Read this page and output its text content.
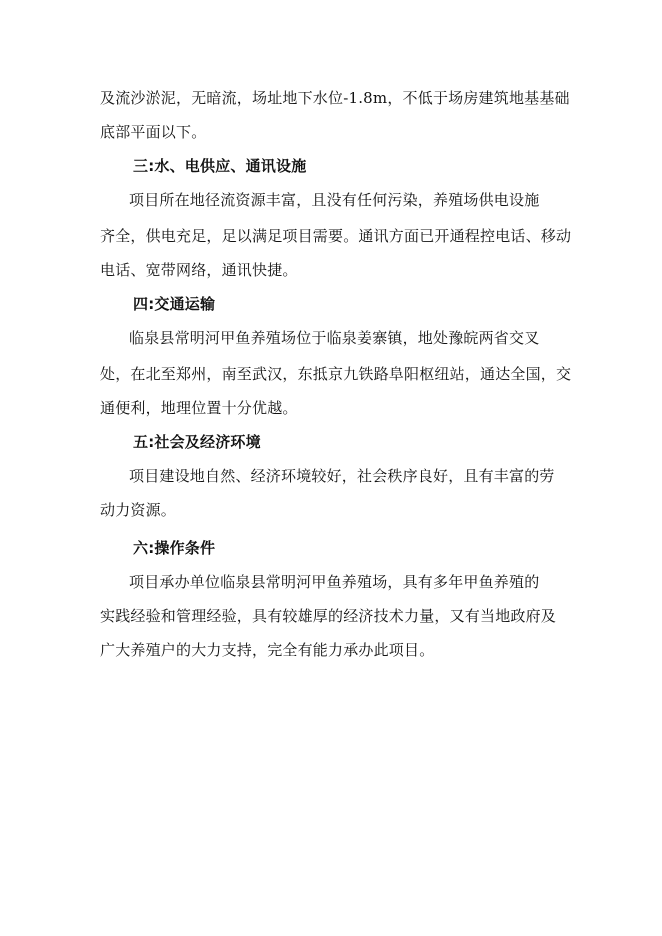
及流沙淤泥，无暗流，场址地下水位-1.8m，不低于场房建筑地基基础
底部平面以下。
三:水、电供应、通讯设施
项目所在地径流资源丰富，且没有任何污染，养殖场供电设施
齐全，供电充足，足以满足项目需要。通讯方面已开通程控电话、移动
电话、宽带网络，通讯快捷。
四:交通运输
临泉县常明河甲鱼养殖场位于临泉姜寨镇，地处豫皖两省交叉
处，在北至郑州，南至武汉，东抵京九铁路阜阳枢纽站，通达全国，交
通便利，地理位置十分优越。
五:社会及经济环境
项目建设地自然、经济环境较好，社会秩序良好，且有丰富的劳
动力资源。
六:操作条件
项目承办单位临泉县常明河甲鱼养殖场，具有多年甲鱼养殖的
实践经验和管理经验，具有较雄厚的经济技术力量，又有当地政府及
广大养殖户的大力支持，完全有能力承办此项目。
